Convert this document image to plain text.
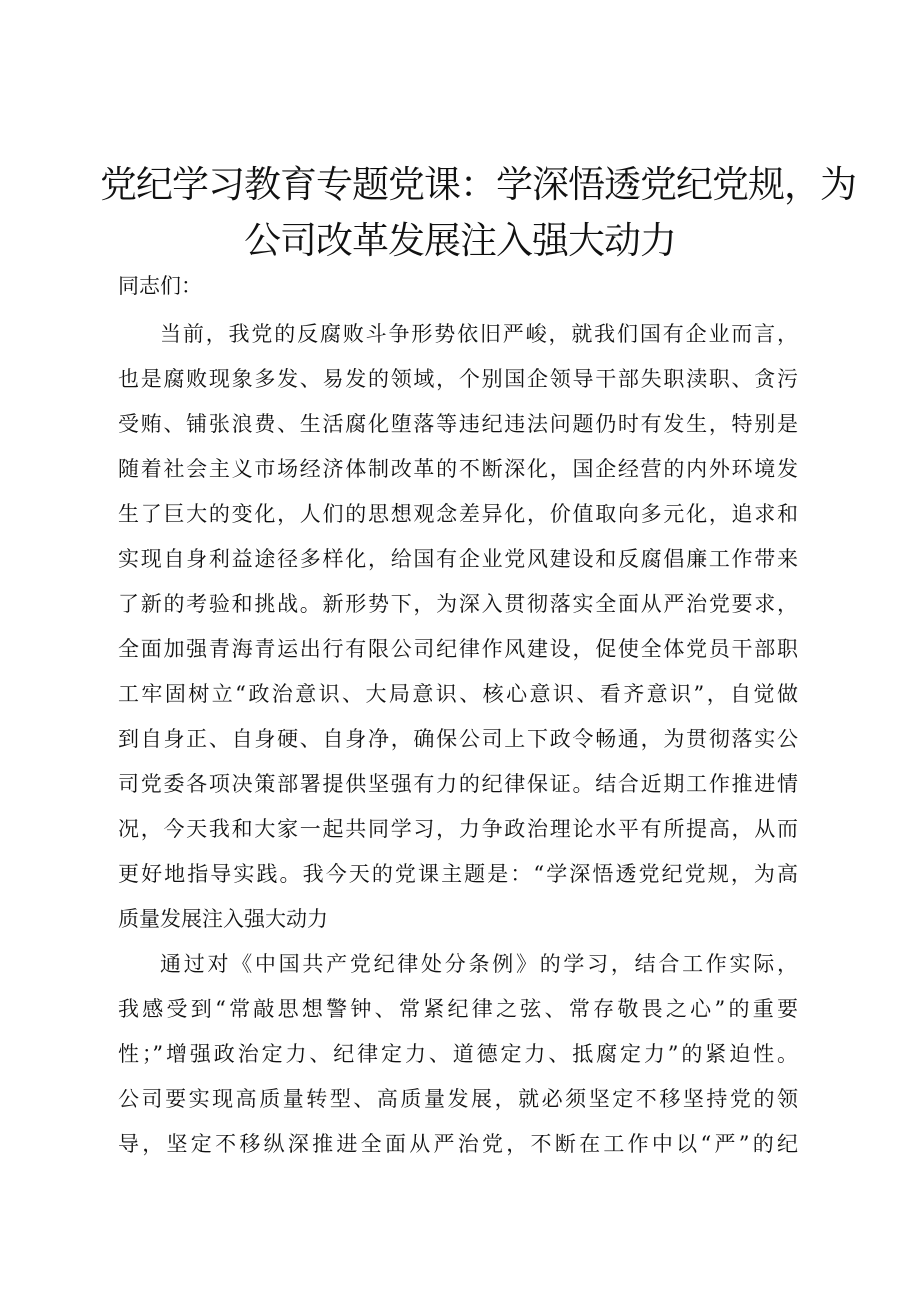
党纪学习教育专题党课：学深悟透党纪党规，为
公司改革发展注入强大动力

同志们：

当前，我党的反腐败斗争形势依旧严峻，就我们国有企业而言，

也是腐败现象多发、易发的领域，个别国企领导干部失职渎职、贪污

受贿、铺张浪费、生活腐化堕落等违纪违法问题仍时有发生，特别是

随着社会主义市场经济体制改革的不断深化，国企经营的内外环境发

生了巨大的变化，人们的思想观念差异化，价值取向多元化，追求和

实现自身利益途径多样化，给国有企业党风建设和反腐倡廉工作带来

了新的考验和挑战。新形势下，为深入贯彻落实全面从严治党要求，

全面加强青海青运出行有限公司纪律作风建设，促使全体党员干部职

工牢固树立“政治意识、大局意识、核心意识、看齐意识”，自觉做

到自身正、自身硬、自身净，确保公司上下政令畅通，为贯彻落实公

司党委各项决策部署提供坚强有力的纪律保证。结合近期工作推进情

况，今天我和大家一起共同学习，力争政治理论水平有所提高，从而

更好地指导实践。我今天的党课主题是：“学深悟透党纪党规，为高

质量发展注入强大动力

通过对《中国共产党纪律处分条例》的学习，结合工作实际，

我感受到“常敲思想警钟、常紧纪律之弦、常存敬畏之心”的重要

性；”增强政治定力、纪律定力、道德定力、抵腐定力”的紧迫性。

公司要实现高质量转型、高质量发展，就必须坚定不移坚持党的领

导，坚定不移纵深推进全面从严治党，不断在工作中以“严”的纪
